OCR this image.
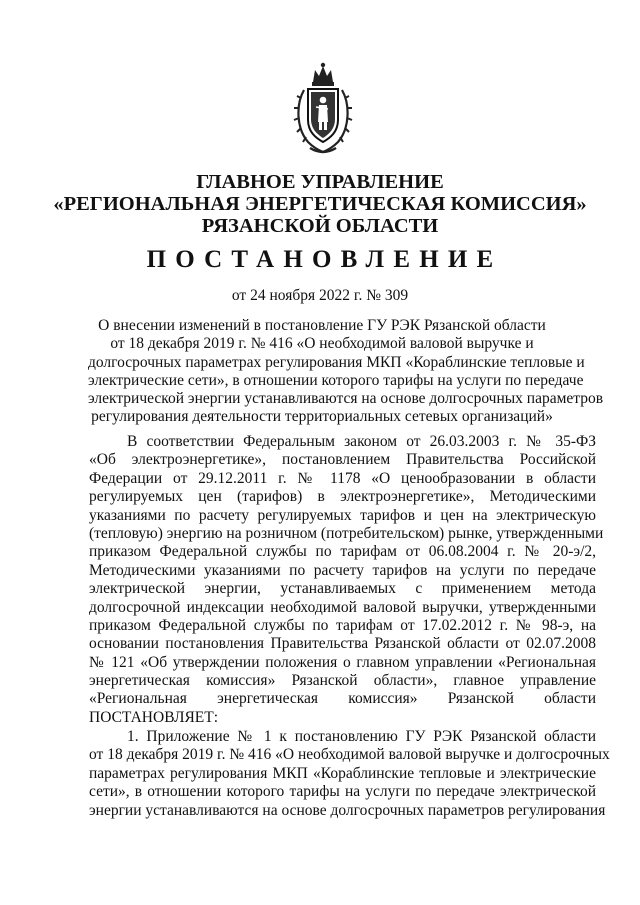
ГЛАВНОЕ УПРАВЛЕНИЕ
«РЕГИОНАЛЬНАЯ ЭНЕРГЕТИЧЕСКАЯ КОМИССИЯ»
РЯЗАНСКОЙ ОБЛАСТИ
ПОСТАНОВЛЕНИЕ
от 24 ноября 2022 г. № 309
О внесении изменений в постановление ГУ РЭК Рязанской области
от 18 декабря 2019 г. № 416 «О необходимой валовой выручке и
долгосрочных параметрах регулирования МКП «Кораблинские тепловые и
электрические сети», в отношении которого тарифы на услуги по передаче
электрической энергии устанавливаются на основе долгосрочных параметров
регулирования деятельности территориальных сетевых организаций»
В соответствии Федеральным законом от 26.03.2003 г. № 35-ФЗ
«Об электроэнергетике», постановлением Правительства Российской
Федерации от 29.12.2011 г. № 1178 «О ценообразовании в области
регулируемых цен (тарифов) в электроэнергетике», Методическими
указаниями по расчету регулируемых тарифов и цен на электрическую
(тепловую) энергию на розничном (потребительском) рынке, утвержденными
приказом Федеральной службы по тарифам от 06.08.2004 г. № 20-э/2,
Методическими указаниями по расчету тарифов на услуги по передаче
электрической энергии, устанавливаемых с применением метода
долгосрочной индексации необходимой валовой выручки, утвержденными
приказом Федеральной службы по тарифам от 17.02.2012 г. № 98-э, на
основании постановления Правительства Рязанской области от 02.07.2008
№ 121 «Об утверждении положения о главном управлении «Региональная
энергетическая комиссия» Рязанской области», главное управление
«Региональная энергетическая комиссия» Рязанской области
ПОСТАНОВЛЯЕТ:
1. Приложение № 1 к постановлению ГУ РЭК Рязанской области
от 18 декабря 2019 г. № 416 «О необходимой валовой выручке и долгосрочных
параметрах регулирования МКП «Кораблинские тепловые и электрические
сети», в отношении которого тарифы на услуги по передаче электрической
энергии устанавливаются на основе долгосрочных параметров регулирования
